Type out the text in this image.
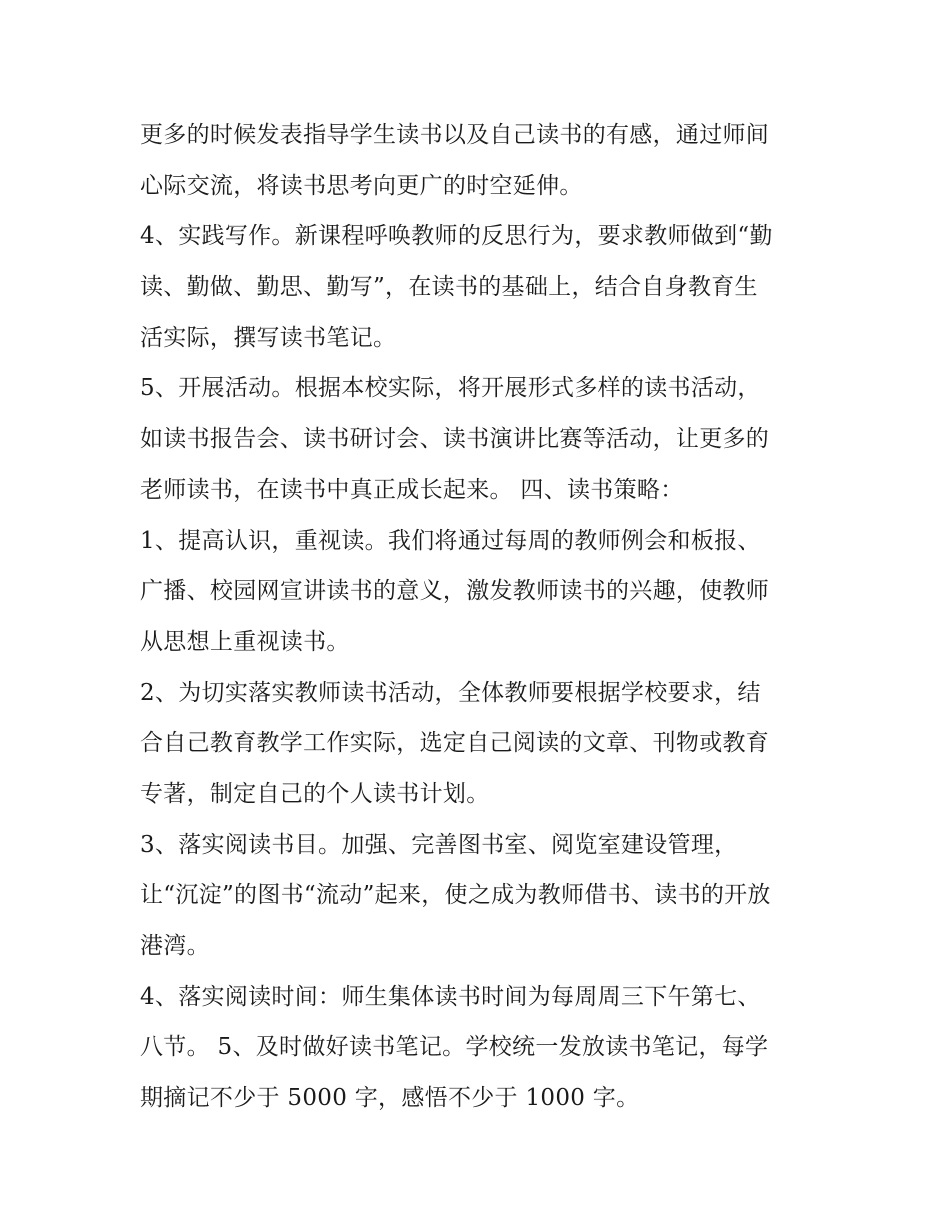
更多的时候发表指导学生读书以及自己读书的有感，通过师间
心际交流，将读书思考向更广的时空延伸。
4、实践写作。新课程呼唤教师的反思行为，要求教师做到“勤
读、勤做、勤思、勤写”，在读书的基础上，结合自身教育生
活实际，撰写读书笔记。
5、开展活动。根据本校实际，将开展形式多样的读书活动，
如读书报告会、读书研讨会、读书演讲比赛等活动，让更多的
老师读书，在读书中真正成长起来。 四、读书策略：
1、提高认识，重视读。我们将通过每周的教师例会和板报、
广播、校园网宣讲读书的意义，激发教师读书的兴趣，使教师
从思想上重视读书。
2、为切实落实教师读书活动，全体教师要根据学校要求，结
合自己教育教学工作实际，选定自己阅读的文章、刊物或教育
专著，制定自己的个人读书计划。
3、落实阅读书目。加强、完善图书室、阅览室建设管理，
让“沉淀”的图书“流动”起来，使之成为教师借书、读书的开放
港湾。
4、落实阅读时间：师生集体读书时间为每周周三下午第七、
八节。 5、及时做好读书笔记。学校统一发放读书笔记，每学
期摘记不少于 5000 字，感悟不少于 1000 字。
